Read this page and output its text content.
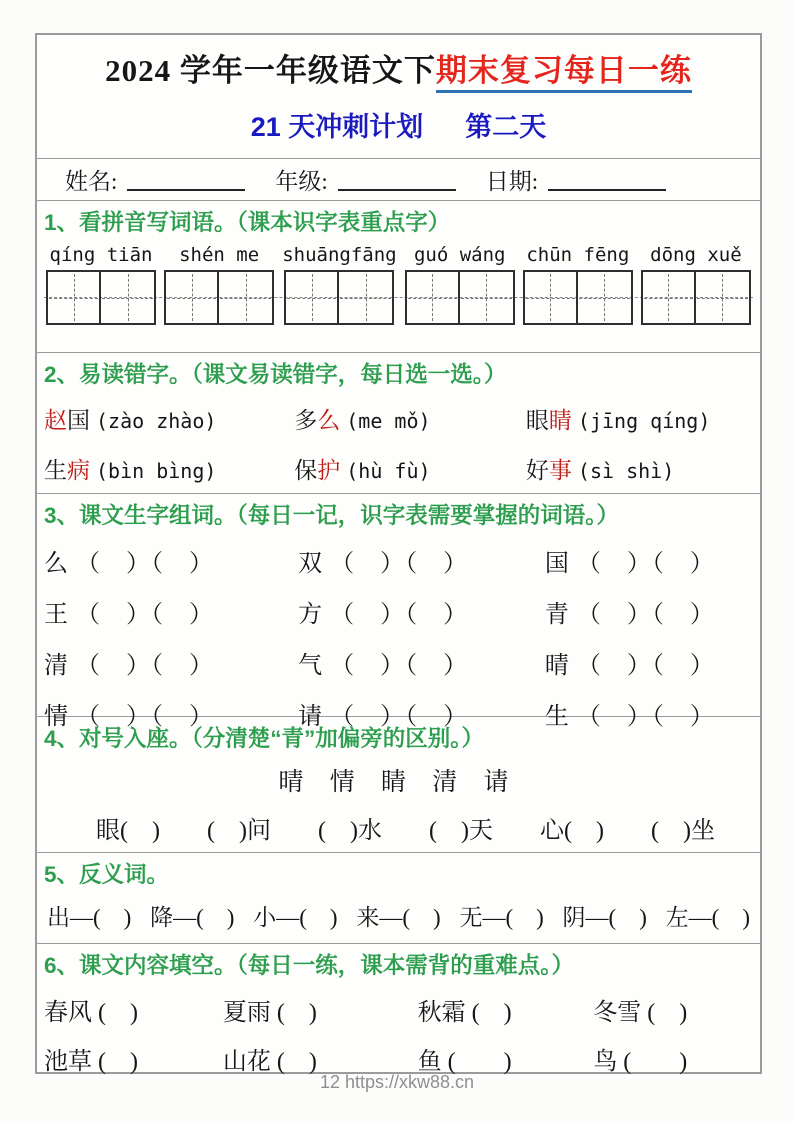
2024 学年一年级语文下期末复习每日一练
21 天冲刺计划 第二天
姓名:	年级:	日期:
1、看拼音写词语。（课本识字表重点字）
qíng tiān shén me shuāngfāng guó wáng chūn fēng dōng xuě
2、易读错字。（课文易读错字，每日选一选。）
赵国 (zào zhào)	多么 (me mǒ)	眼睛 (jīng qíng)
生病 (bìn bìng)	保护 (hù fù)	好事 (sì shì)
3、课文生字组词。（每日一记，识字表需要掌握的词语。）
么 （　）（　）	双 （　）（　）	国 （　）（　）
王 （　）（　）	方 （　）（　）	青 （　）（　）
清 （　）（　）	气 （　）（　）	晴 （　）（　）
情 （　）（　）	请 （　）（　）	生 （　）（　）
4、对号入座。（分清楚“青”加偏旁的区别。）
晴 情 睛 清 请
眼(　) (　)问 (　)水 (　)天 心(　) (　)坐
5、反义词。
出—(　) 降—(　) 小—(　) 来—(　) 无—(　) 阴—(　) 左—(　)
6、课文内容填空。（每日一练，课本需背的重难点。）
春风 (　)	夏雨 (　)	秋霜 (　)	冬雪 (　)
池草 (　)	山花 (　)	鱼 (　　)	鸟 (　　)
12 https://xkw88.cn
